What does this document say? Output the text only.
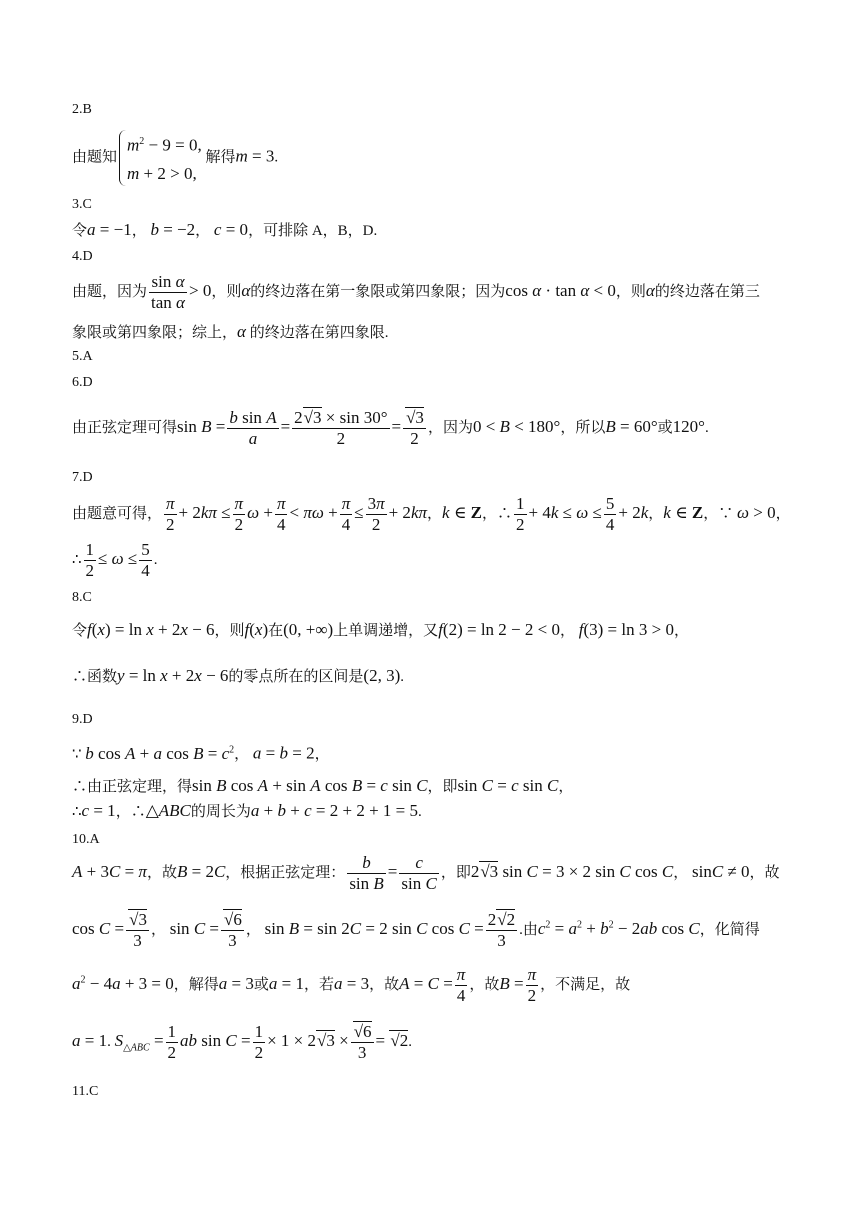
2.B
由题知
$m^2 - 9 = 0$,
m + 2 > 0,
解得m = 3.
3.C
令a = −1， b = −2， c = 0，可排除 A，B，D.
4.D
由题，因为 $\frac{\text{sin α}}{\text{tan α}} > 0$，则α的终边落在第一象限或第四象限；因为cos α · tan α < 0，则α的终边落在第三
象限或第四象限；综上，α 的终边落在第四象限.
5.A
6.D
由正弦定理可得$\sin B = \frac{\text{b sin A}}{a} = \frac{2√3 \times \sin 30^\circ}{2} = \frac{√3}{2}$ ，因为0 < B < 180°，所以B = 60°或120°.
7.D
由题意可得， $\frac{\pi}{2} + 2k\pi \le \frac{\pi}{2}$ $\omega + \frac{\pi}{4} < \pi\omega + \frac{\pi}{4} \le \frac{3\pi}{2} + 2k\pi$，k ∈ Z，∴ $\frac{1}{2} + 4k \le \omega \le \frac{5}{4} + 2k$，k ∈ Z，∵ ω > 0，
∴ $\frac{1}{2} \le \omega \le \frac{5}{4}$ .
8.C
令f(x) = ln x + 2x − 6，则f(x)在(0, +∞)上单调递增，又f(2) = ln 2 − 2 < 0， f(3) = ln 3 > 0，
∴函数y = ln x + 2x − 6的零点所在的区间是(2, 3).
9.D
∵ b cos A + a $\cos B = c^2$， a = b = 2，
∴由正弦定理，得sin B cos A + sin A cos B = c sin C，即sin C = c sin C，
∴c = 1，∴△ABC的周长为a + b + c = 2 + 2 + 1 = 5.
10.A
A + 3C = π，故B = 2C，根据正弦定理： $\frac{b}{\text{sin B}} = \frac{c}{\text{sin C}}$ ，即2√3 sin C = 3 × 2 sin C cos C， sinC ≠ 0，故
$\cos C = \frac{√3}{3}$ ， $\sin C = \frac{√6}{3}$ ， sin B = sin 2C = 2 sin C $\cos C = \frac{2√2}{3}$ .由$c^2 = a^2 + b^2 - 2ab$ cos C，化简得
$a^2 - 4a + 3 = 0$，解得a = 3或a = 1，若a = 3，故$A = C = \frac{\pi}{4}$ ，故$B = \frac{\pi}{2}$ ，不满足，故
a = 1. $S_{\triangle ABC} = \frac{1}{2}$ ab $\sin C = \frac{1}{2} \times 1 \times 2√3 \times \frac{√6}{3} = √2$.
11.C
